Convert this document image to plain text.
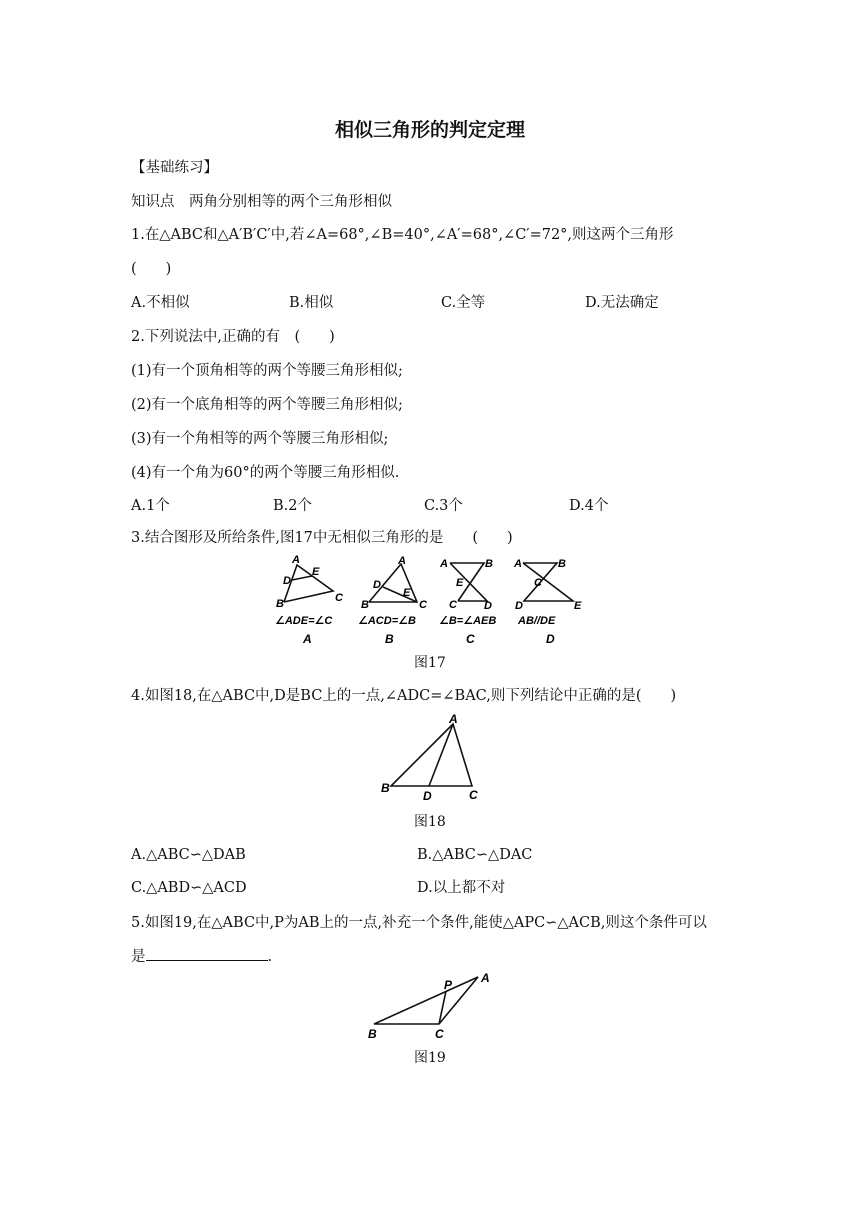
相似三角形的判定定理
【基础练习】
知识点　两角分别相等的两个三角形相似
1.在△ABC和△A′B′C′中,若∠A=68°,∠B=40°,∠A′=68°,∠C′=72°,则这两个三角形
(　　)
A.不相似	B.相似	C.全等	D.无法确定
2.下列说法中,正确的有　(　　)
(1)有一个顶角相等的两个等腰三角形相似;
(2)有一个底角相等的两个等腰三角形相似;
(3)有一个角相等的两个等腰三角形相似;
(4)有一个角为60°的两个等腰三角形相似.
A.1个	B.2个	C.3个	D.4个
3.结合图形及所给条件,图17中无相似三角形的是　　(　　)
A
D
E
B	C
A
D
E
B	C
A	B
E
C D
A	B
C
D	E
∠ADE=∠C ∠ACD=∠B ∠B=∠AEB AB//DE
A	B	C	D
图17
4.如图18,在△ABC中,D是BC上的一点,∠ADC=∠BAC,则下列结论中正确的是(　　)
A
B
D	C
图18
A.△ABC∽△DAB	B.△ABC∽△DAC
C.△ABD∽△ACD	D.以上都不对
5.如图19,在△ABC中,P为AB上的一点,补充一个条件,能使△APC∽△ACB,则这个条件可以
是	.
P A
B	C
图19
